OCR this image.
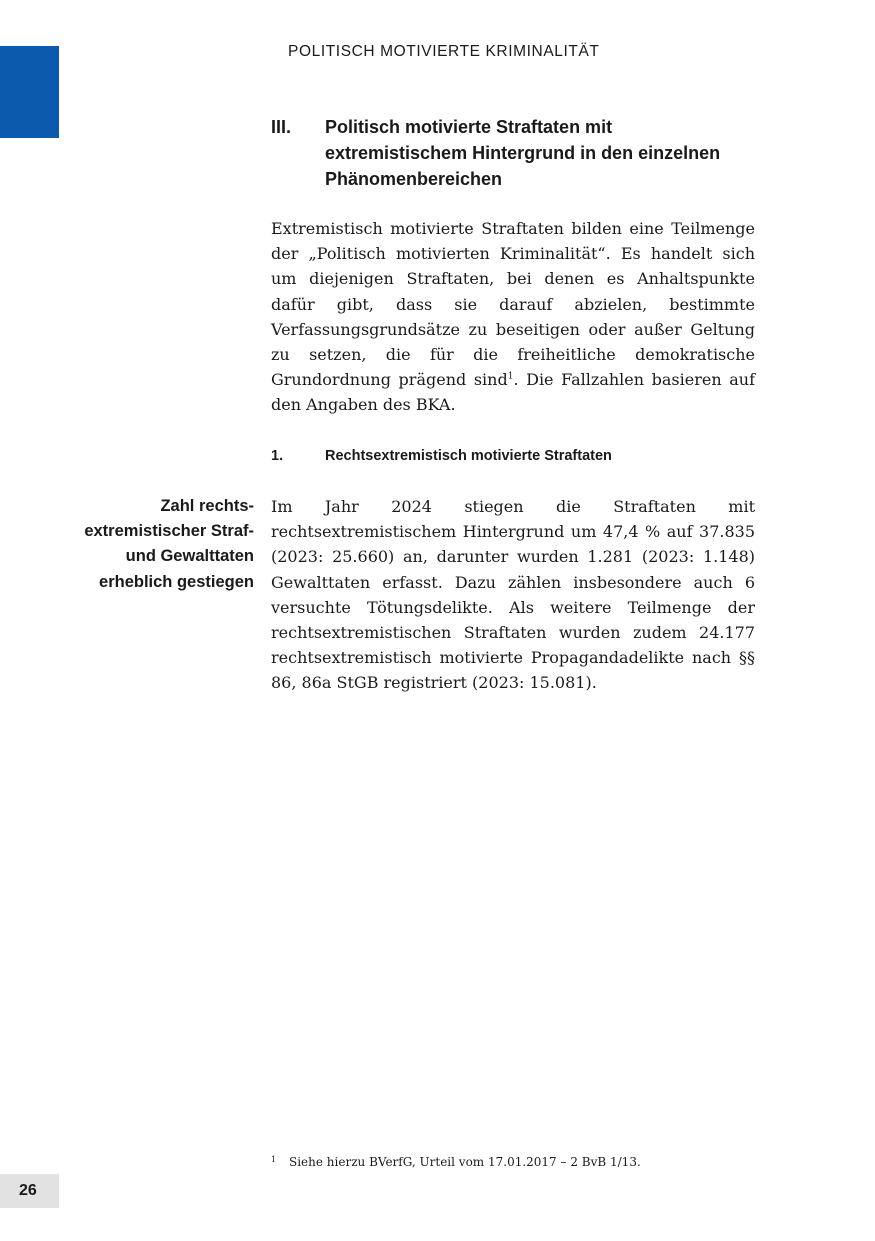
POLITISCH MOTIVIERTE KRIMINALITÄT
III. Politisch motivierte Straftaten mit extremistischem Hintergrund in den einzelnen Phänomenbereichen

Extremistisch motivierte Straftaten bilden eine Teilmenge der „Politisch motivierten Kriminalität“. Es handelt sich um diejenigen Straftaten, bei denen es Anhaltspunkte dafür gibt, dass sie darauf abzielen, bestimmte Verfassungsgrundsätze zu beseitigen oder außer Geltung zu setzen, die für die freiheitliche demokratische Grundordnung prägend sind$^1$. Die Fallzahlen basieren auf den Angaben des BKA.

1.	Rechtsextremistisch motivierte Straftaten
Zahl rechts-
extremistischer Straf-
und Gewalttaten
erheblich gestiegen

Im Jahr 2024 stiegen die Straftaten mit rechtsextremistischem Hintergrund um 47,4 % auf 37.835 (2023: 25.660) an, darunter wurden 1.281 (2023: 1.148) Gewalttaten erfasst. Dazu zählen insbesondere auch 6 versuchte Tötungsdelikte. Als weitere Teilmenge der rechtsextremistischen Straftaten wurden zudem 24.177 rechtsextremistisch motivierte Propagandadelikte nach §§ 86, 86a StGB registriert (2023: 15.081).

1 Siehe hierzu BVerfG, Urteil vom 17.01.2017 – 2 BvB 1/13.
26
